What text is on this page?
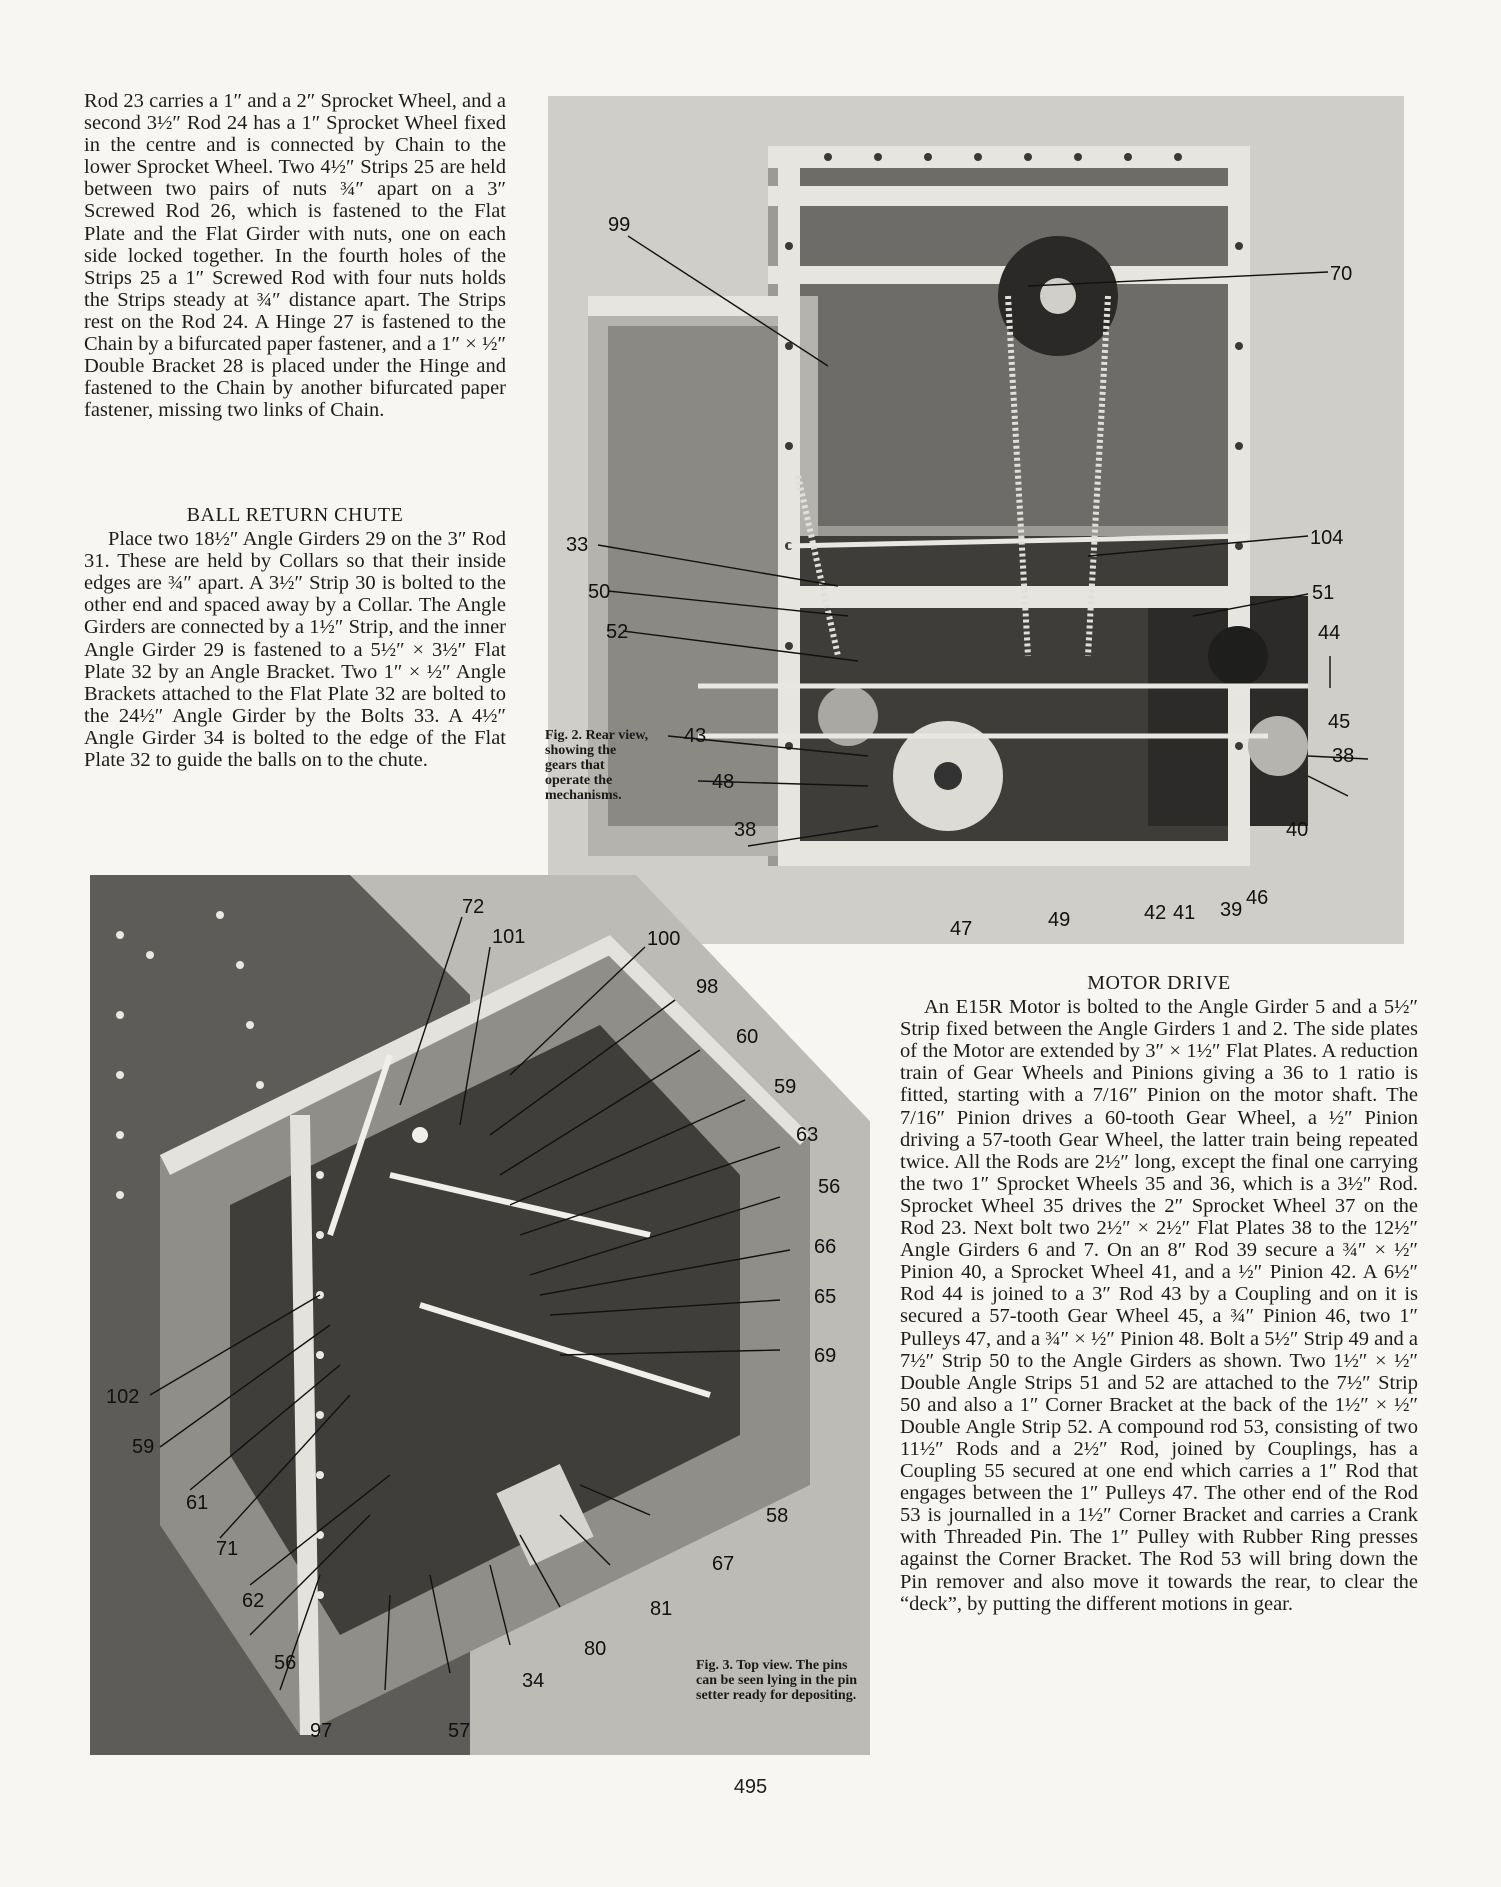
Rod 23 carries a 1″ and a 2″ Sprocket Wheel, and a second 3½″ Rod 24 has a 1″ Sprocket Wheel fixed in the centre and is connected by Chain to the lower Sprocket Wheel. Two 4½″ Strips 25 are held between two pairs of nuts ¾″ apart on a 3″ Screwed Rod 26, which is fastened to the Flat Plate and the Flat Girder with nuts, one on each side locked together. In the fourth holes of the Strips 25 a 1″ Screwed Rod with four nuts holds the Strips steady at ¾″ distance apart. The Strips rest on the Rod 24. A Hinge 27 is fastened to the Chain by a bifurcated paper fastener, and a 1″ × ½″ Double Bracket 28 is placed under the Hinge and fastened to the Chain by another bifurcated paper fastener, missing two links of Chain.

BALL RETURN CHUTE

Place two 18½″ Angle Girders 29 on the 3″ Rod 31. These are held by Collars so that their inside edges are ¾″ apart. A 3½″ Strip 30 is bolted to the other end and spaced away by a Collar. The Angle Girders are connected by a 1½″ Strip, and the inner Angle Girder 29 is fastened to a 5½″ × 3½″ Flat Plate 32 by an Angle Bracket. Two 1″ × ½″ Angle Brackets attached to the Flat Plate 32 are bolted to the 24½″ Angle Girder by the Bolts 33. A 4½″ Angle Girder 34 is bolted to the edge of the Flat Plate 32 to guide the balls on to the chute.

99
70
104
33
50	51
44
52
45
43
38
48
40
38
47	49	42 41 39
46
Fig. 2. Rear view, showing the gears that operate the mechanisms.
72
101	100
98
60
59
63
56
66
65
69
102
59
61
71
62
56
97	57
34
80
81
67
58
Fig. 3. Top view. The pins can be seen lying in the pin setter ready for depositing.
MOTOR DRIVE

An E15R Motor is bolted to the Angle Girder 5 and a 5½″ Strip fixed between the Angle Girders 1 and 2. The side plates of the Motor are extended by 3″ × 1½″ Flat Plates. A reduction train of Gear Wheels and Pinions giving a 36 to 1 ratio is fitted, starting with a 7/16″ Pinion on the motor shaft. The 7/16″ Pinion drives a 60-tooth Gear Wheel, a ½″ Pinion driving a 57-tooth Gear Wheel, the latter train being repeated twice. All the Rods are 2½″ long, except the final one carrying the two 1″ Sprocket Wheels 35 and 36, which is a 3½″ Rod. Sprocket Wheel 35 drives the 2″ Sprocket Wheel 37 on the Rod 23. Next bolt two 2½″ × 2½″ Flat Plates 38 to the 12½″ Angle Girders 6 and 7. On an 8″ Rod 39 secure a ¾″ × ½″ Pinion 40, a Sprocket Wheel 41, and a ½″ Pinion 42. A 6½″ Rod 44 is joined to a 3″ Rod 43 by a Coupling and on it is secured a 57-tooth Gear Wheel 45, a ¾″ Pinion 46, two 1″ Pulleys 47, and a ¾″ × ½″ Pinion 48. Bolt a 5½″ Strip 49 and a 7½″ Strip 50 to the Angle Girders as shown. Two 1½″ × ½″ Double Angle Strips 51 and 52 are attached to the 7½″ Strip 50 and also a 1″ Corner Bracket at the back of the 1½″ × ½″ Double Angle Strip 52. A compound rod 53, consisting of two 11½″ Rods and a 2½″ Rod, joined by Couplings, has a Coupling 55 secured at one end which carries a 1″ Rod that engages between the 1″ Pulleys 47. The other end of the Rod 53 is journalled in a 1½″ Corner Bracket and carries a Crank with Threaded Pin. The 1″ Pulley with Rubber Ring presses against the Corner Bracket. The Rod 53 will bring down the Pin remover and also move it towards the rear, to clear the “deck”, by putting the different motions in gear.

495
